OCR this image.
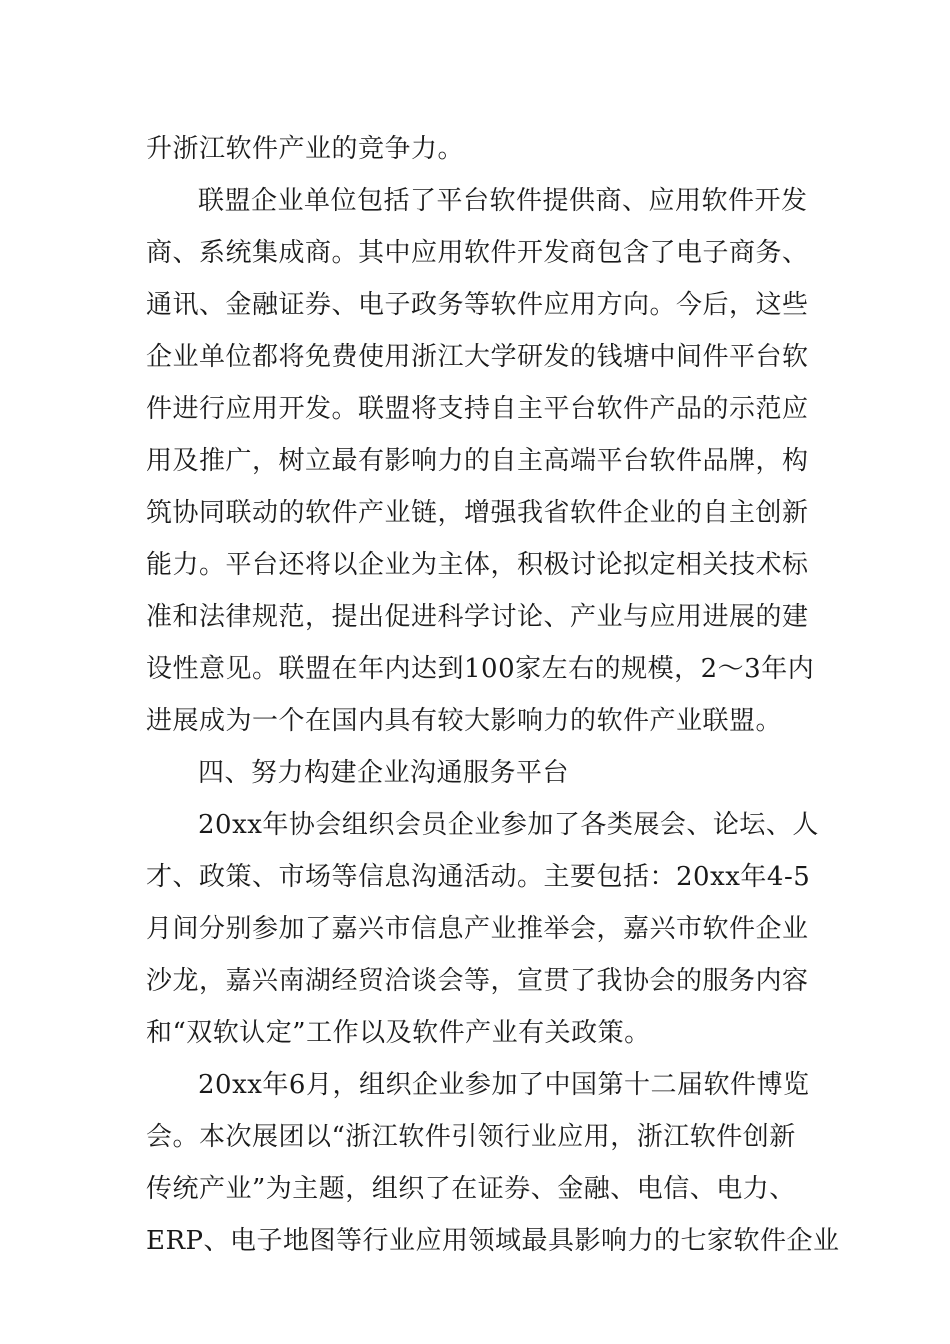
升浙江软件产业的竞争力。
联盟企业单位包括了平台软件提供商、应用软件开发
商、系统集成商。其中应用软件开发商包含了电子商务、
通讯、金融证券、电子政务等软件应用方向。今后，这些
企业单位都将免费使用浙江大学研发的钱塘中间件平台软
件进行应用开发。联盟将支持自主平台软件产品的示范应
用及推广，树立最有影响力的自主高端平台软件品牌，构
筑协同联动的软件产业链，增强我省软件企业的自主创新
能力。平台还将以企业为主体，积极讨论拟定相关技术标
准和法律规范，提出促进科学讨论、产业与应用进展的建
设性意见。联盟在年内达到100家左右的规模，2～3年内
进展成为一个在国内具有较大影响力的软件产业联盟。
四、努力构建企业沟通服务平台
20xx年协会组织会员企业参加了各类展会、论坛、人
才、政策、市场等信息沟通活动。主要包括：20xx年4-5
月间分别参加了嘉兴市信息产业推举会，嘉兴市软件企业
沙龙，嘉兴南湖经贸洽谈会等，宣贯了我协会的服务内容
和“双软认定”工作以及软件产业有关政策。
20xx年6月，组织企业参加了中国第十二届软件博览
会。本次展团以“浙江软件引领行业应用，浙江软件创新
传统产业”为主题，组织了在证券、金融、电信、电力、
ERP、电子地图等行业应用领域最具影响力的七家软件企业
